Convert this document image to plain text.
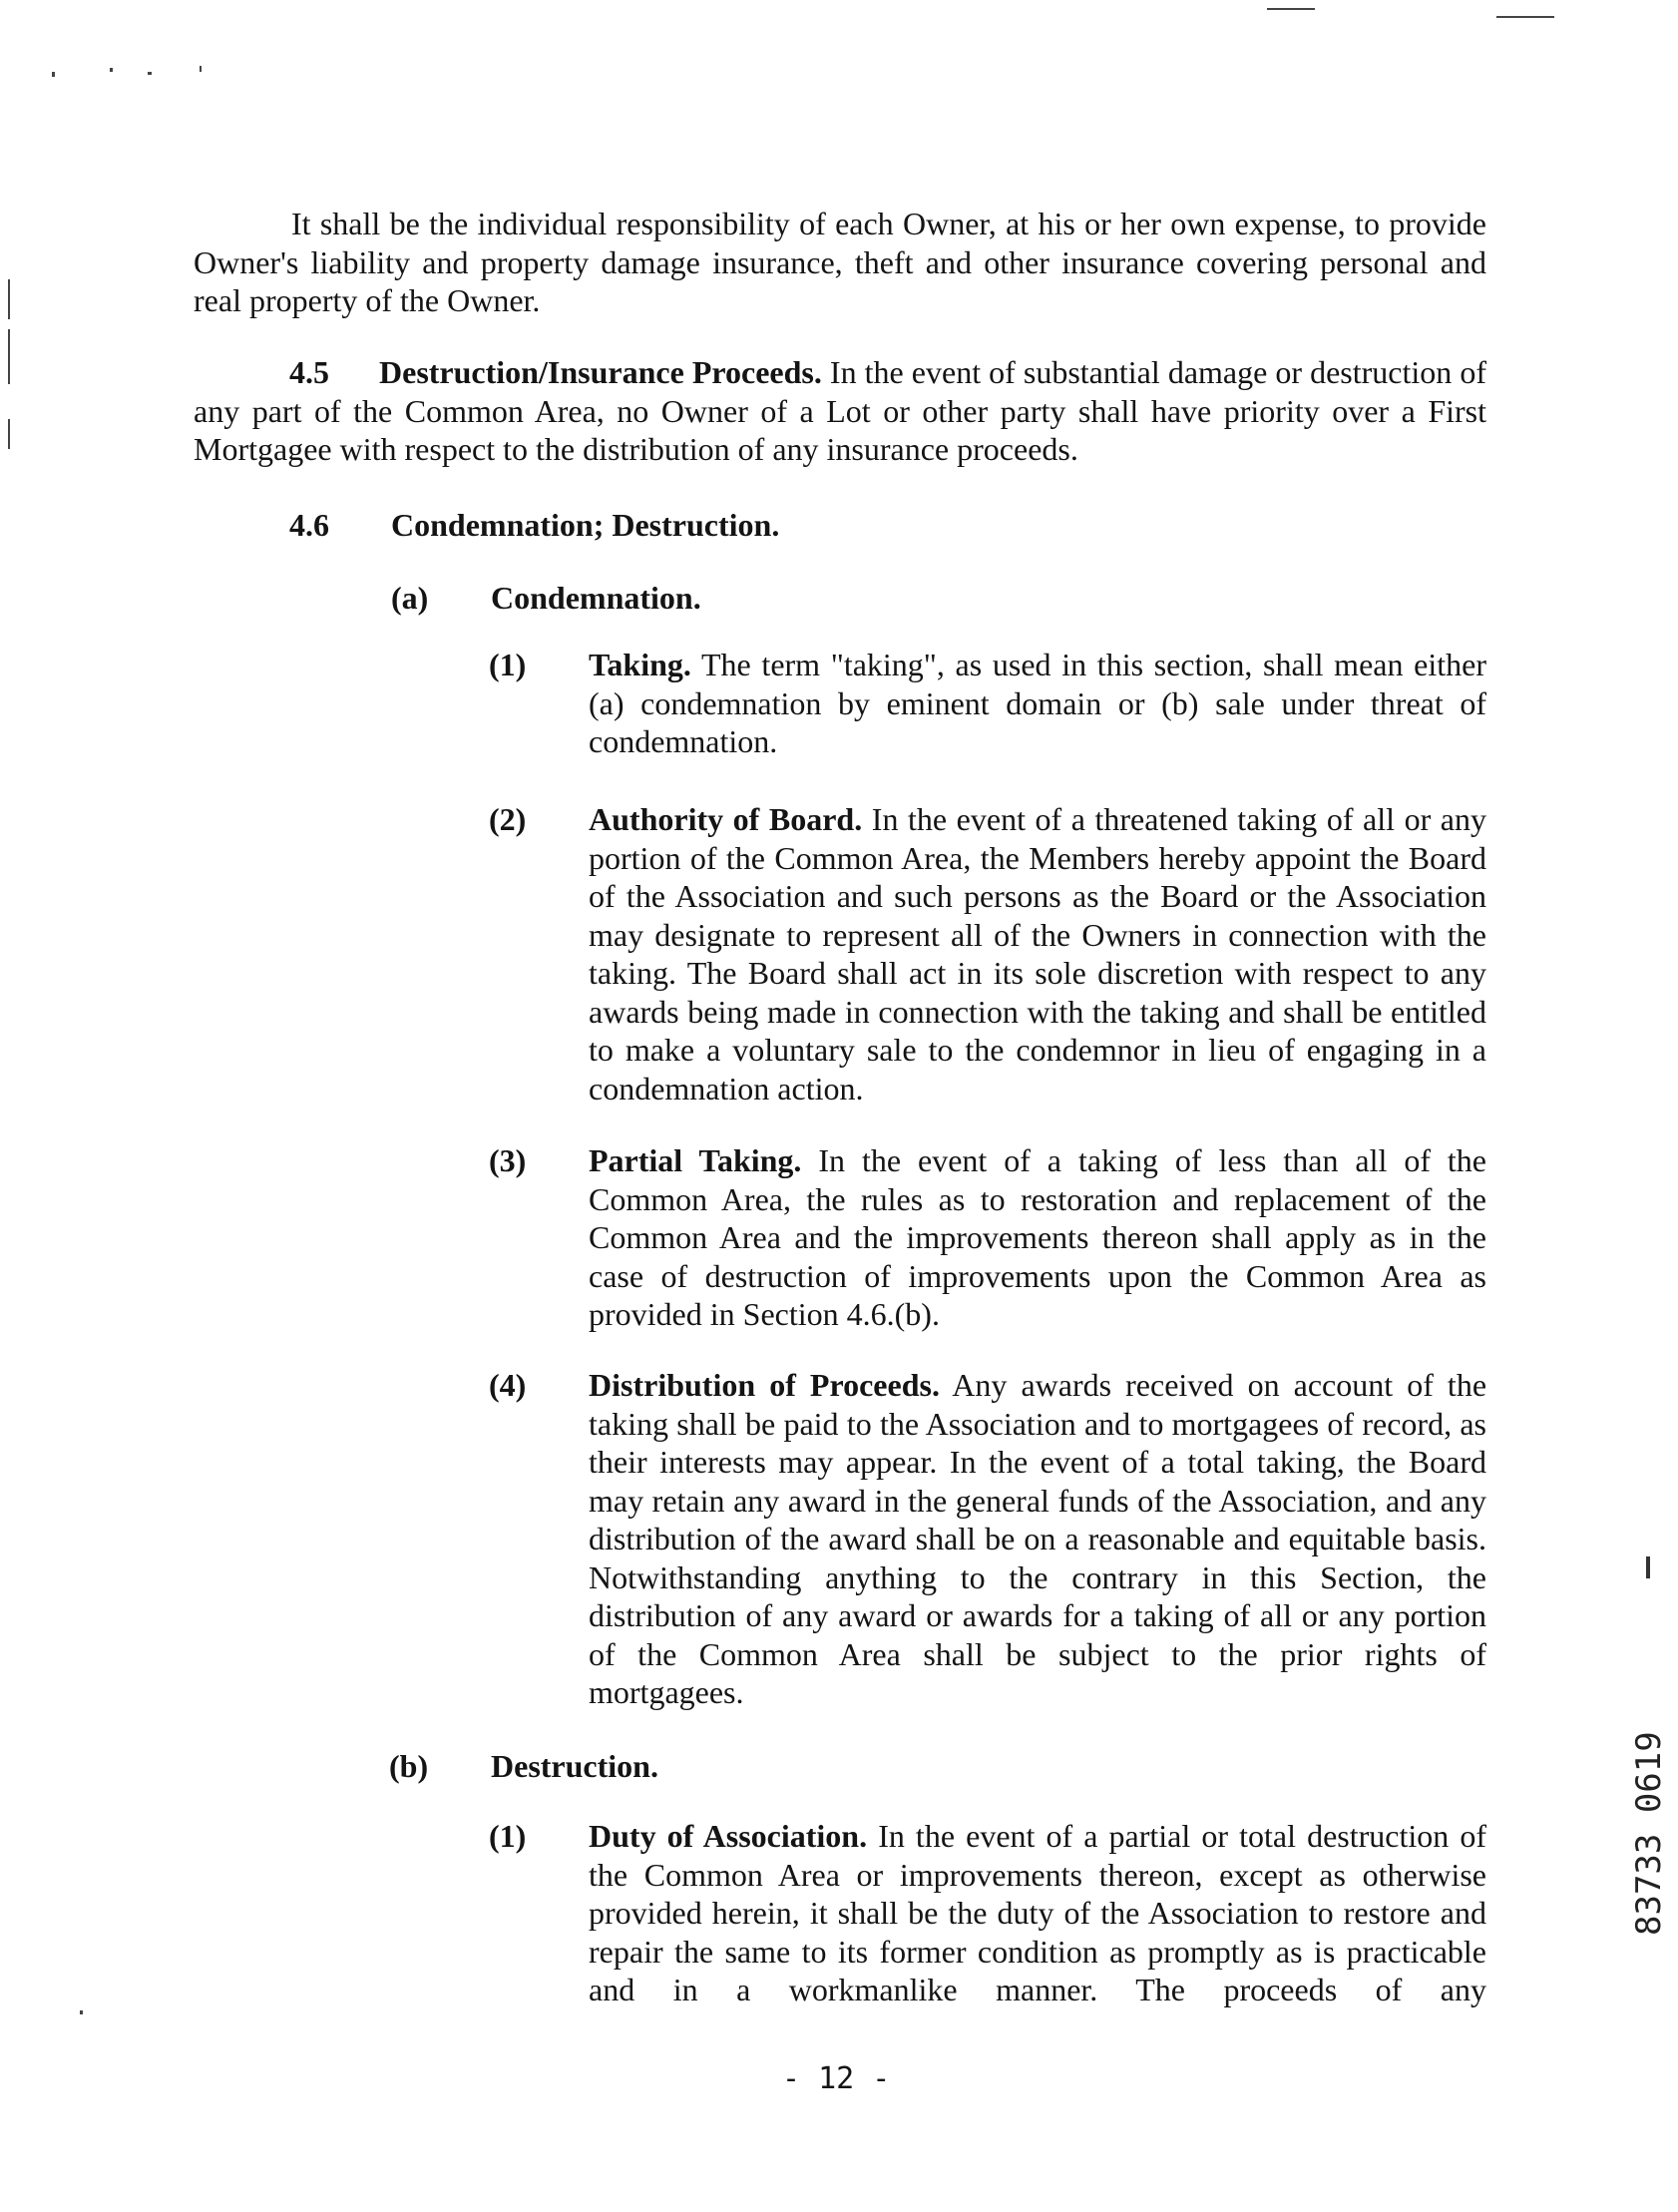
It shall be the individual responsibility of each Owner, at his or her own expense, to provide Owner's liability and property damage insurance, theft and other insurance covering personal and real property of the Owner.

4.5 Destruction/Insurance Proceeds. In the event of substantial damage or destruction of any part of the Common Area, no Owner of a Lot or other party shall have priority over a First Mortgagee with respect to the distribution of any insurance proceeds.

4.6 Condemnation; Destruction.
(a) Condemnation.
(1) Taking. The term "taking", as used in this section, shall mean either (a) condemnation by eminent domain or (b) sale under threat of condemnation.

(2) Authority of Board. In the event of a threatened taking of all or any portion of the Common Area, the Members hereby appoint the Board of the Association and such persons as the Board or the Association may designate to represent all of the Owners in connection with the taking. The Board shall act in its sole discretion with respect to any awards being made in connection with the taking and shall be entitled to make a voluntary sale to the condemnor in lieu of engaging in a condemnation action.

(3) Partial Taking. In the event of a taking of less than all of the Common Area, the rules as to restoration and replacement of the Common Area and the improvements thereon shall apply as in the case of destruction of improvements upon the Common Area as provided in Section 4.6.(b).

(4) Distribution of Proceeds. Any awards received on account of the taking shall be paid to the Association and to mortgagees of record, as their interests may appear. In the event of a total taking, the Board may retain any award in the general funds of the Association, and any distribution of the award shall be on a reasonable and equitable basis. Notwithstanding anything to the contrary in this Section, the distribution of any award or awards for a taking of all or any portion of the Common Area shall be subject to the prior rights of mortgagees.

(b) Destruction.
(1) Duty of Association. In the event of a partial or total destruction of the Common Area or improvements thereon, except as otherwise provided herein, it shall be the duty of the Association to restore and repair the same to its former condition as promptly as is practicable and in a workmanlike manner. The proceeds of any

- 12 -
83733 0619
